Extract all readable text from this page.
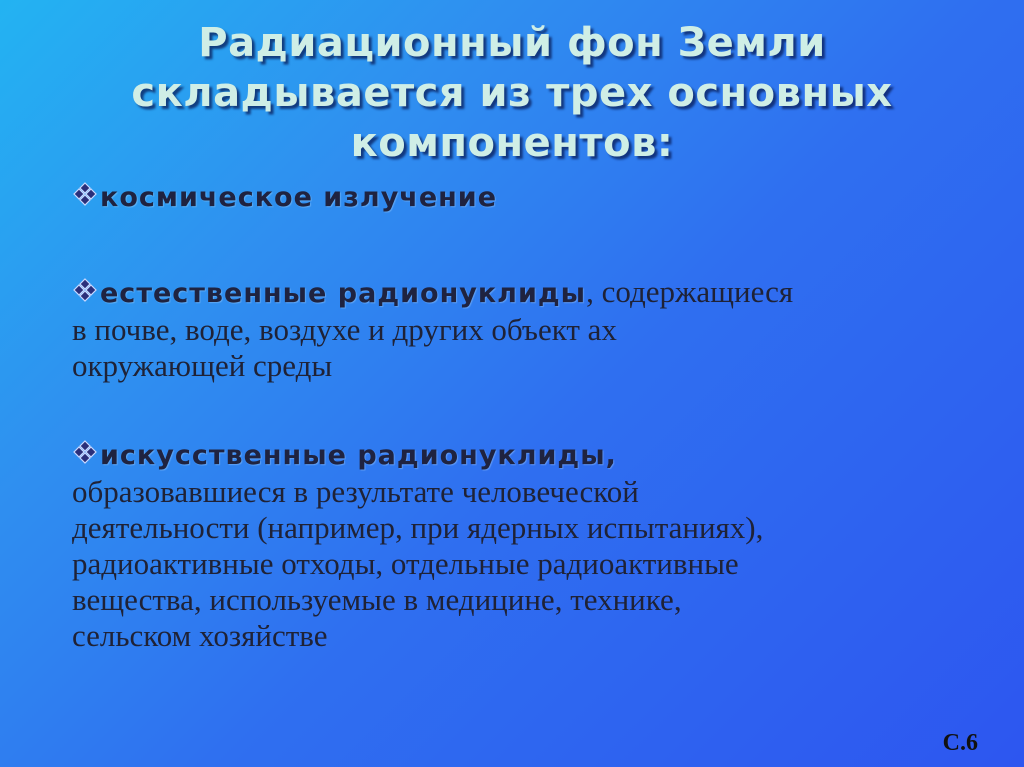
Радиационный фон Земли
складывается из трех основных
компонентов:

космическое излучение

естественные радионуклиды, содержащиеся
в почве, воде, воздухе и других объект ах
окружающей среды

искусственные радионуклиды,
образовавшиеся в результате человеческой
деятельности (например, при ядерных испытаниях),
радиоактивные отходы, отдельные радиоактивные
вещества, используемые в медицине, технике,
сельском хозяйстве

С.6
